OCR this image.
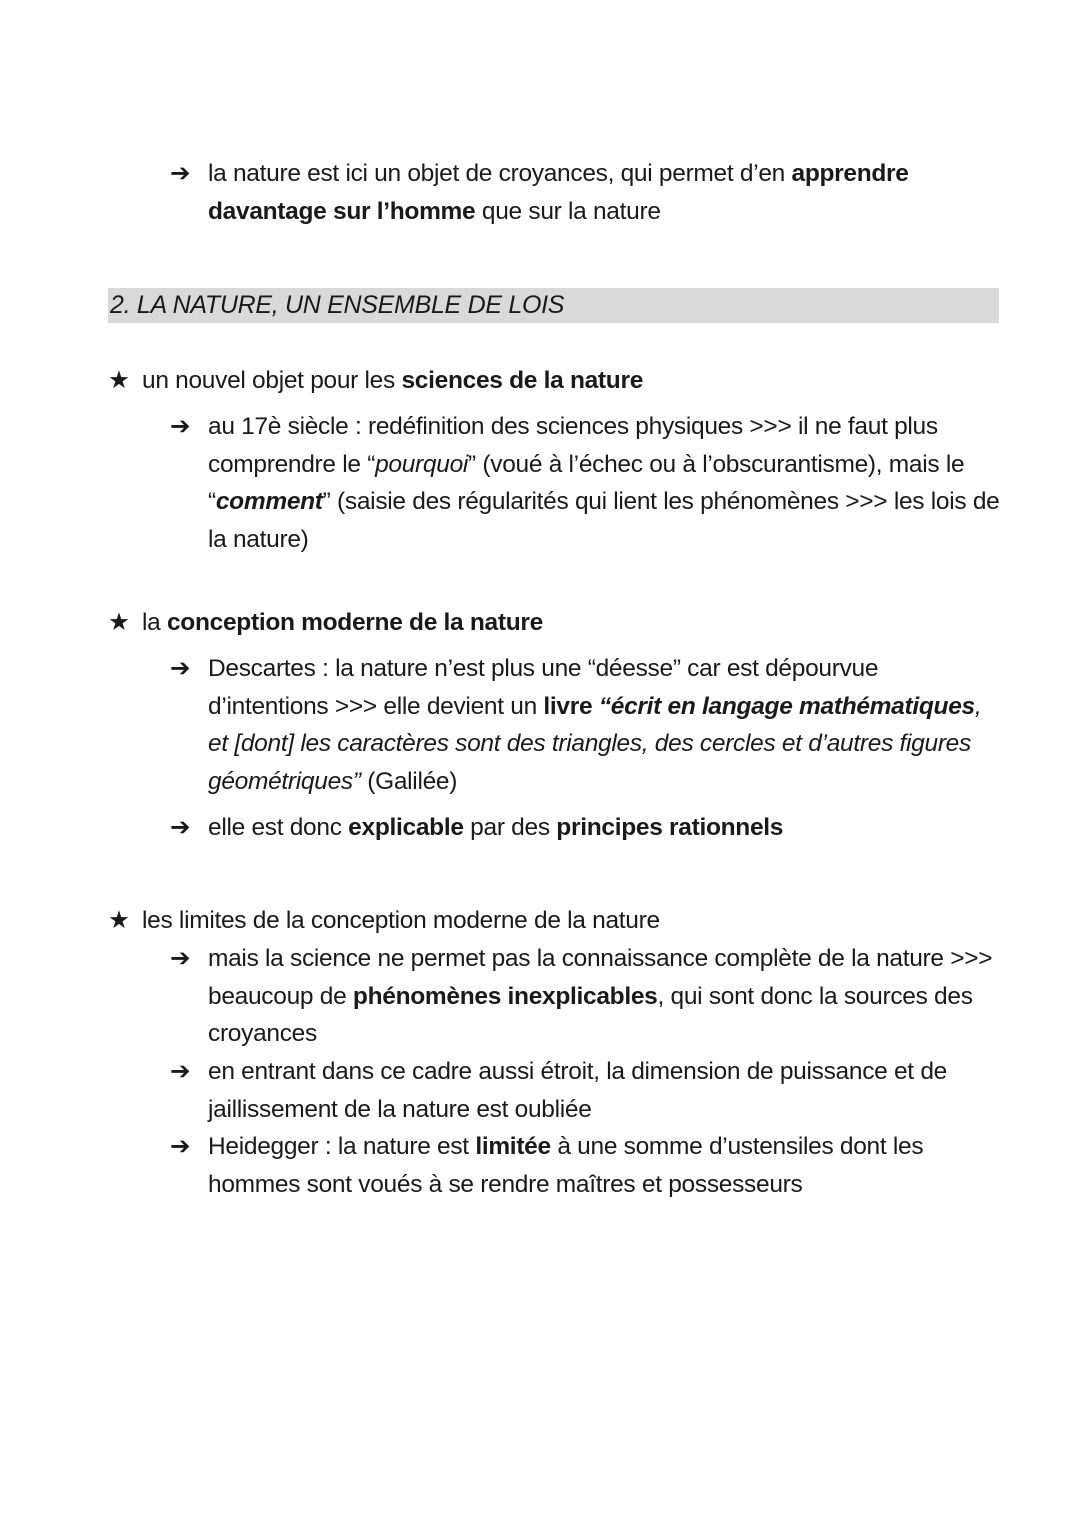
➔ la nature est ici un objet de croyances, qui permet d’en apprendre davantage sur l’homme que sur la nature
2. LA NATURE, UN ENSEMBLE DE LOIS
★ un nouvel objet pour les sciences de la nature
➔ au 17è siècle : redéfinition des sciences physiques >>> il ne faut plus comprendre le “pourquoi” (voué à l’échec ou à l’obscurantisme), mais le “comment” (saisie des régularités qui lient les phénomènes >>> les lois de la nature)
★ la conception moderne de la nature
➔ Descartes : la nature n’est plus une “déesse” car est dépourvue d’intentions >>> elle devient un livre “écrit en langage mathématiques, et [dont] les caractères sont des triangles, des cercles et d’autres figures géométriques” (Galilée)
➔ elle est donc explicable par des principes rationnels
★ les limites de la conception moderne de la nature
➔ mais la science ne permet pas la connaissance complète de la nature >>> beaucoup de phénomènes inexplicables, qui sont donc la sources des croyances
➔ en entrant dans ce cadre aussi étroit, la dimension de puissance et de jaillissement de la nature est oubliée
➔ Heidegger : la nature est limitée à une somme d’ustensiles dont les hommes sont voués à se rendre maîtres et possesseurs
